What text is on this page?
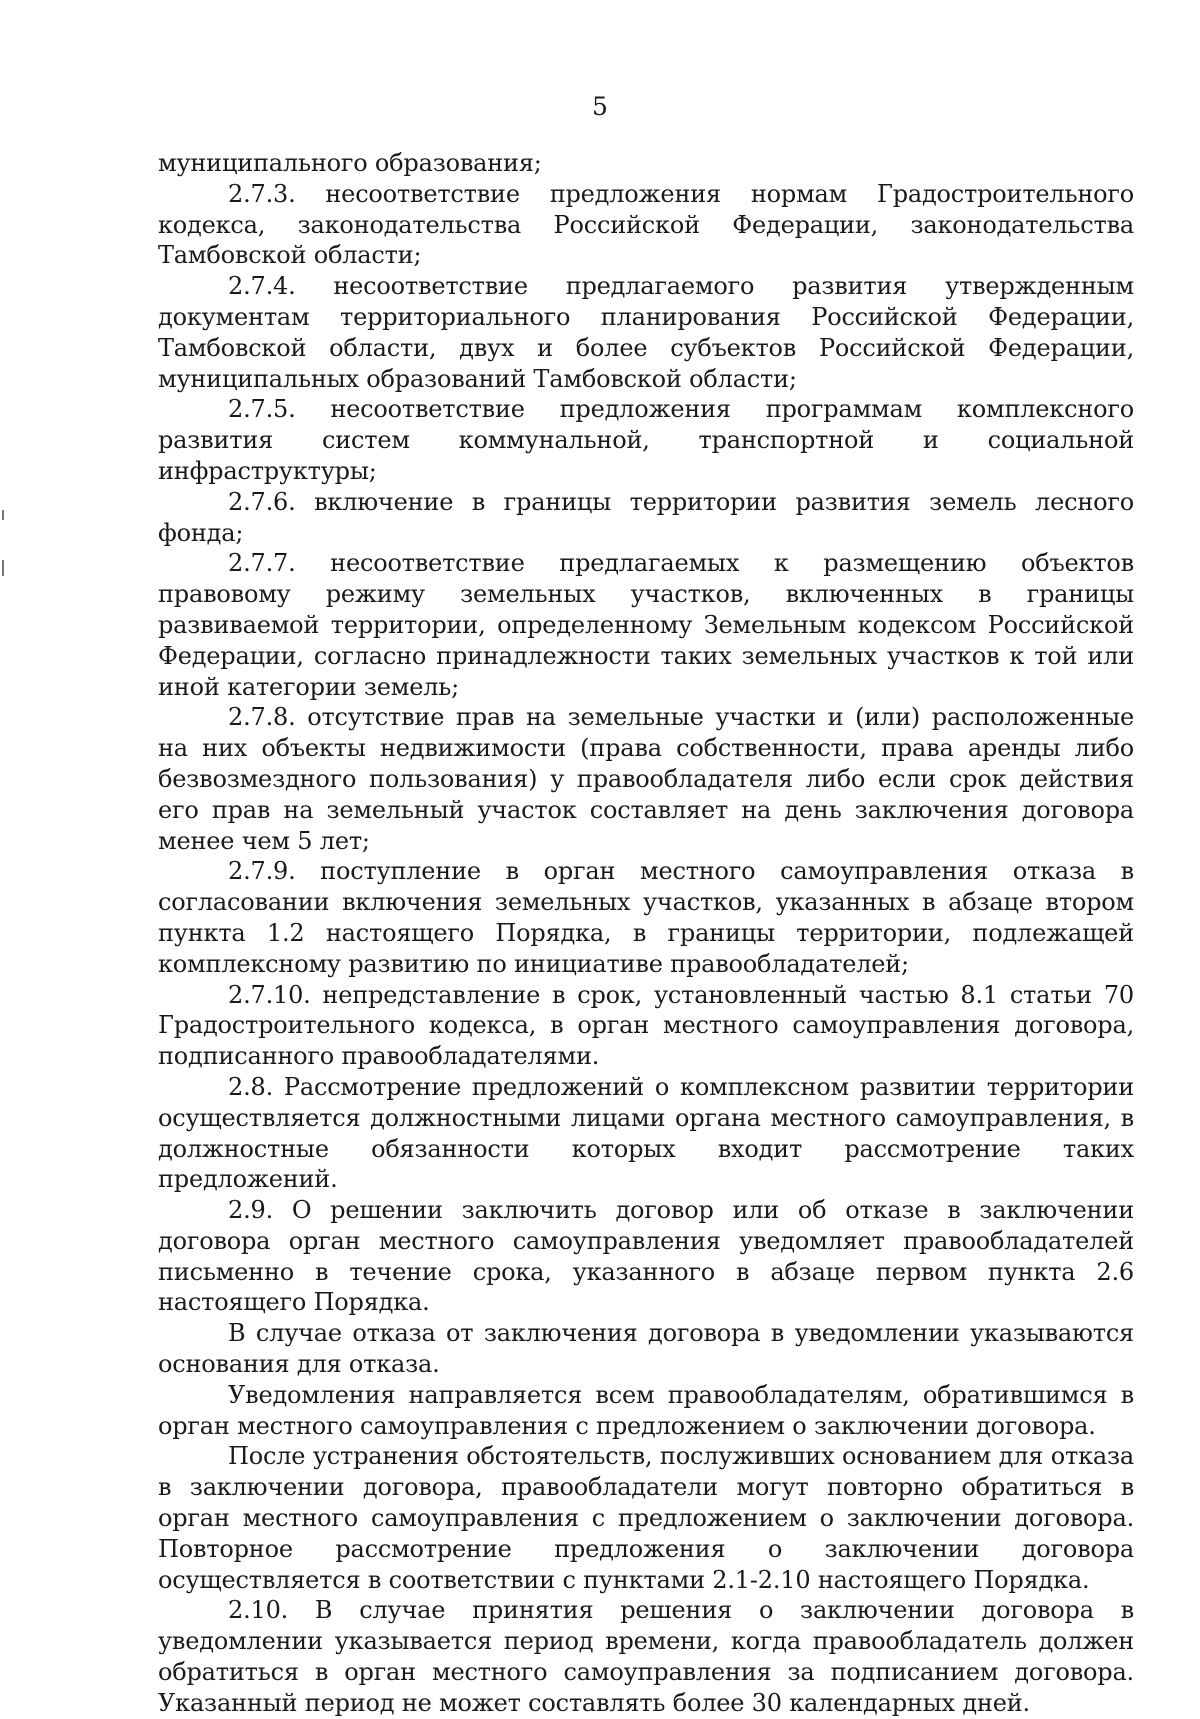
5

муниципального образования;

2.7.3. несоответствие предложения нормам Градостроительного кодекса, законодательства Российской Федерации, законодательства Тамбовской области;

2.7.4. несоответствие предлагаемого развития утвержденным документам территориального планирования Российской Федерации, Тамбовской области, двух и более субъектов Российской Федерации, муниципальных образований Тамбовской области;

2.7.5. несоответствие предложения программам комплексного развития систем коммунальной, транспортной и социальной инфраструктуры;

2.7.6. включение в границы территории развития земель лесного фонда;

2.7.7. несоответствие предлагаемых к размещению объектов правовому режиму земельных участков, включенных в границы развиваемой территории, определенному Земельным кодексом Российской Федерации, согласно принадлежности таких земельных участков к той или иной категории земель;

2.7.8. отсутствие прав на земельные участки и (или) расположенные на них объекты недвижимости (права собственности, права аренды либо безвозмездного пользования) у правообладателя либо если срок действия его прав на земельный участок составляет на день заключения договора менее чем 5 лет;

2.7.9. поступление в орган местного самоуправления отказа в согласовании включения земельных участков, указанных в абзаце втором пункта 1.2 настоящего Порядка, в границы территории, подлежащей комплексному развитию по инициативе правообладателей;

2.7.10. непредставление в срок, установленный частью 8.1 статьи 70 Градостроительного кодекса, в орган местного самоуправления договора, подписанного правообладателями.

2.8. Рассмотрение предложений о комплексном развитии территории осуществляется должностными лицами органа местного самоуправления, в должностные обязанности которых входит рассмотрение таких предложений.

2.9. О решении заключить договор или об отказе в заключении договора орган местного самоуправления уведомляет правообладателей письменно в течение срока, указанного в абзаце первом пункта 2.6 настоящего Порядка.

В случае отказа от заключения договора в уведомлении указываются основания для отказа.

Уведомления направляется всем правообладателям, обратившимся в орган местного самоуправления с предложением о заключении договора.

После устранения обстоятельств, послуживших основанием для отказа в заключении договора, правообладатели могут повторно обратиться в орган местного самоуправления с предложением о заключении договора. Повторное рассмотрение предложения о заключении договора осуществляется в соответствии с пунктами 2.1-2.10 настоящего Порядка.

2.10. В случае принятия решения о заключении договора в уведомлении указывается период времени, когда правообладатель должен обратиться в орган местного самоуправления за подписанием договора. Указанный период не может составлять более 30 календарных дней.
